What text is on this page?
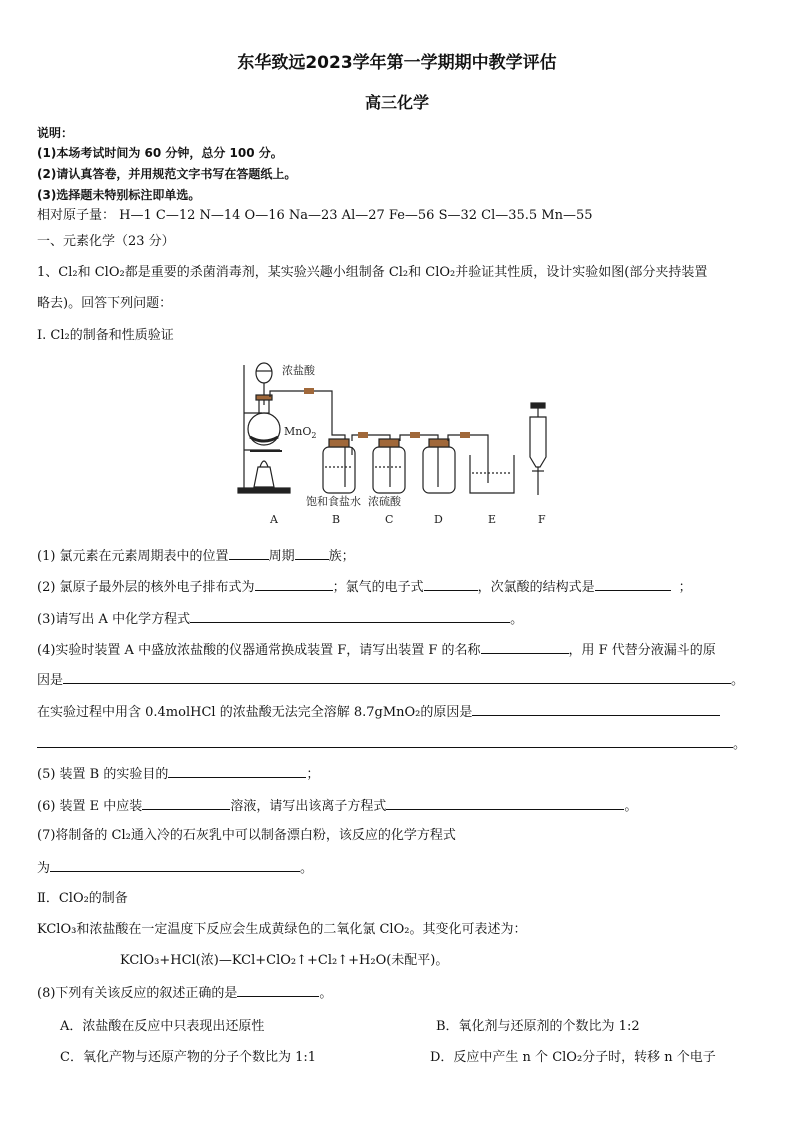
东华致远2023学年第一学期期中教学评估
高三化学
说明：
(1)本场考试时间为 60 分钟，总分 100 分。
(2)请认真答卷，并用规范文字书写在答题纸上。
(3)选择题未特别标注即单选。
相对原子量： H—1 C—12 N—14 O—16 Na—23 Al—27 Fe—56 S—32 Cl—35.5 Mn—55
一、元素化学（23 分）
1、Cl₂和 ClO₂都是重要的杀菌消毒剂，某实验兴趣小组制备 Cl₂和 ClO₂并验证其性质，设计实验如图(部分夹持装置
略去)。回答下列问题：
Ⅰ. Cl₂的制备和性质验证
浓盐酸
MnO$_2$
饱和食盐水 浓硫酸
A	B	C	D	E	F
(1) 氯元素在元素周期表中的位置	周期	族；
(2) 氯原子最外层的核外电子排布式为	；氯气的电子式	，次氯酸的结构式是	；
(3)请写出 A 中化学方程式	。
(4)实验时装置 A 中盛放浓盐酸的仪器通常换成装置 F，请写出装置 F 的名称	，用 F 代替分液漏斗的原
因是	。
在实验过程中用含 0.4molHCl 的浓盐酸无法完全溶解 8.7gMnO₂的原因是
。
(5) 装置 B 的实验目的	；
(6) 装置 E 中应装	溶液，请写出该离子方程式	。
(7)将制备的 Cl₂通入冷的石灰乳中可以制备漂白粉，该反应的化学方程式
为	。
Ⅱ．ClO₂的制备
KClO₃和浓盐酸在一定温度下反应会生成黄绿色的二氧化氯 ClO₂。其变化可表述为：
KClO₃+HCl(浓)—KCl+ClO₂↑+Cl₂↑+H₂O(未配平)。
(8)下列有关该反应的叙述正确的是	。
A．浓盐酸在反应中只表现出还原性	B．氧化剂与还原剂的个数比为 1:2
C．氧化产物与还原产物的分子个数比为 1:1	D．反应中产生 n 个 ClO₂分子时，转移 n 个电子
